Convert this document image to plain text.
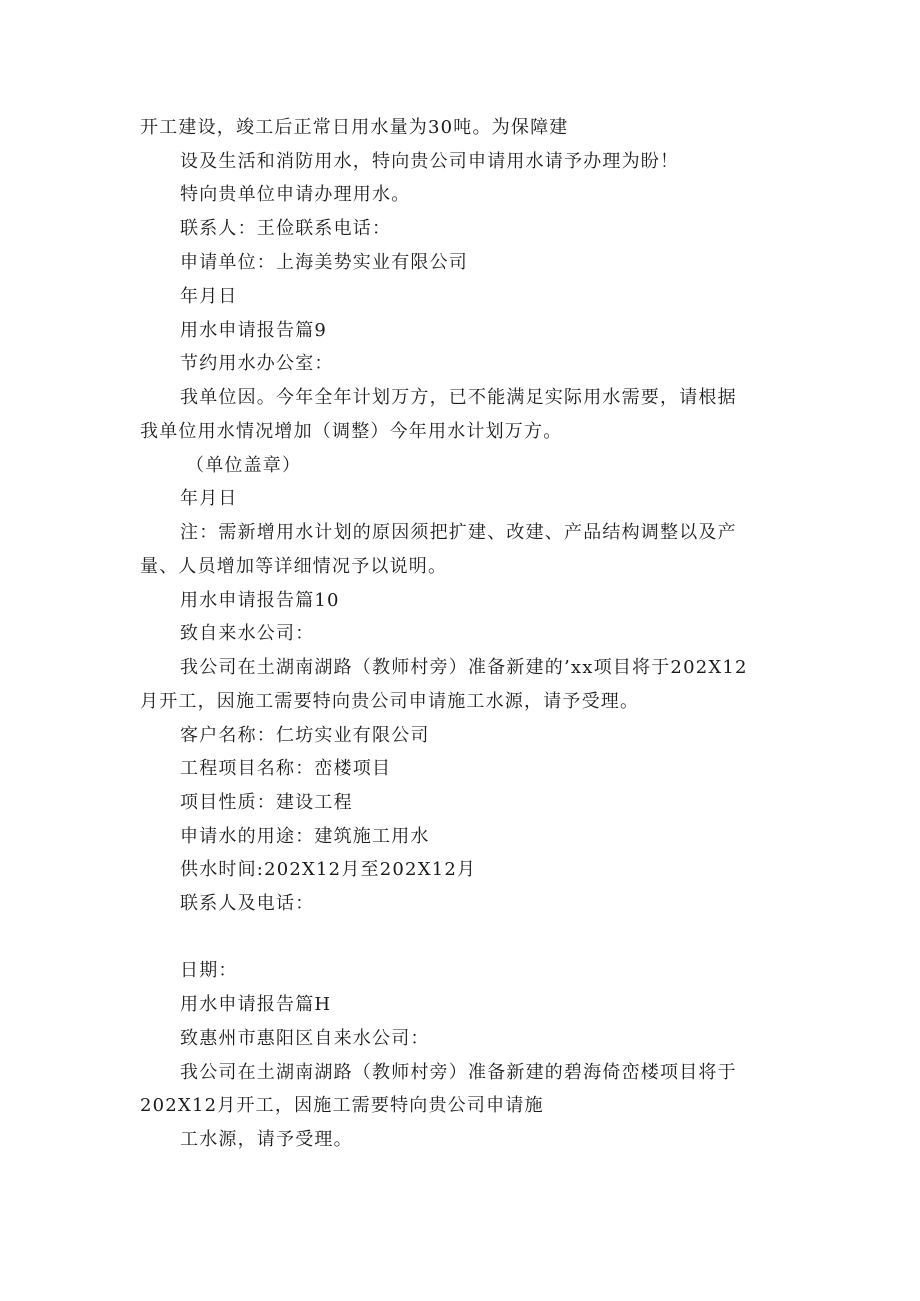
开工建设，竣工后正常日用水量为30吨。为保障建
设及生活和消防用水，特向贵公司申请用水请予办理为盼！
特向贵单位申请办理用水。
联系人：王俭联系电话：
申请单位：上海美势实业有限公司
年月日
用水申请报告篇9
节约用水办公室：
我单位因。今年全年计划万方，已不能满足实际用水需要，请根据
我单位用水情况增加（调整）今年用水计划万方。
（单位盖章）
年月日
注：需新增用水计划的原因须把扩建、改建、产品结构调整以及产
量、人员增加等详细情况予以说明。
用水申请报告篇10
致自来水公司：
我公司在土湖南湖路（教师村旁）准备新建的’xx项目将于202X12
月开工，因施工需要特向贵公司申请施工水源，请予受理。
客户名称：仁坊实业有限公司
工程项目名称：峦楼项目
项目性质：建设工程
申请水的用途：建筑施工用水
供水时间:202X12月至202X12月
联系人及电话：
日期：
用水申请报告篇H
致惠州市惠阳区自来水公司：
我公司在土湖南湖路（教师村旁）准备新建的碧海倚峦楼项目将于
202X12月开工，因施工需要特向贵公司申请施
工水源，请予受理。
